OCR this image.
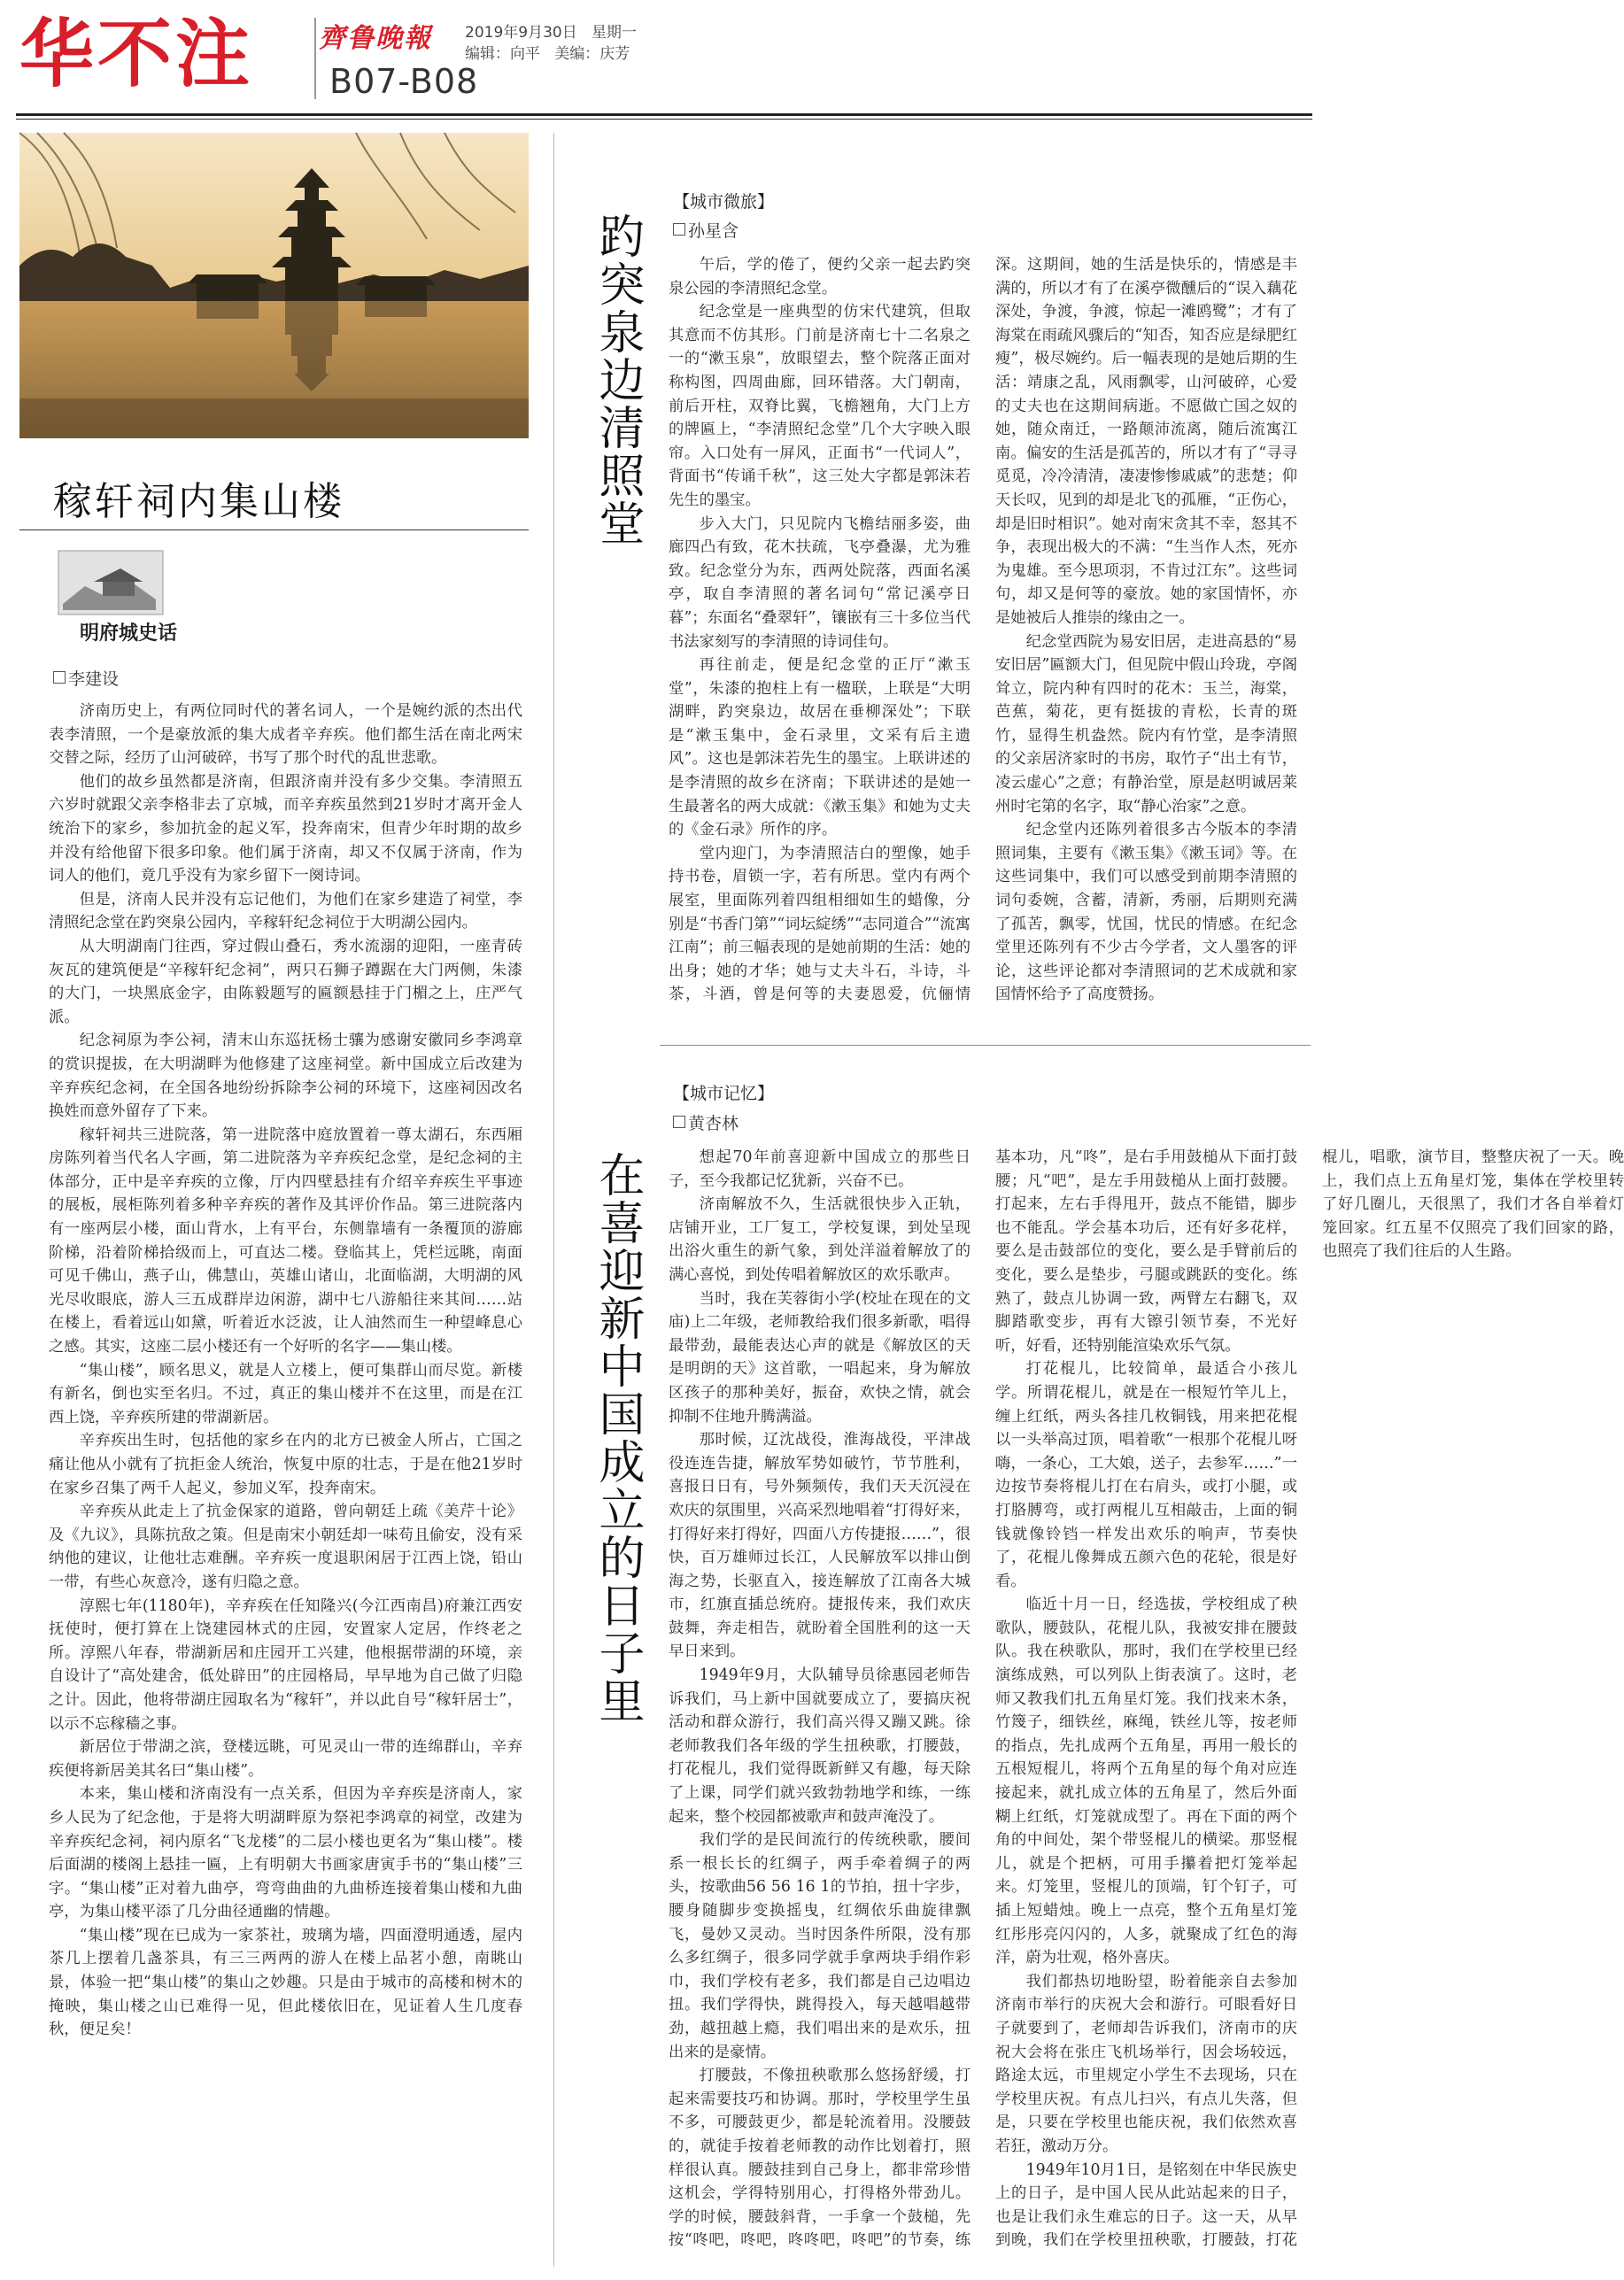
华不注 齊鲁晚報 2019年9月30日 星期一
编辑：向平 美编：庆芳
B07-B08
稼轩祠内集山楼
明府城史话
李建设

济南历史上，有两位同时代的著名词人，一个是婉约派的杰出代表李清照，一个是豪放派的集大成者辛弃疾。他们都生活在南北两宋交替之际，经历了山河破碎，书写了那个时代的乱世悲歌。

他们的故乡虽然都是济南，但跟济南并没有多少交集。李清照五六岁时就跟父亲李格非去了京城，而辛弃疾虽然到21岁时才离开金人统治下的家乡，参加抗金的起义军，投奔南宋，但青少年时期的故乡并没有给他留下很多印象。他们属于济南，却又不仅属于济南，作为词人的他们，竟几乎没有为家乡留下一阕诗词。

但是，济南人民并没有忘记他们，为他们在家乡建造了祠堂，李清照纪念堂在趵突泉公园内，辛稼轩纪念祠位于大明湖公园内。

从大明湖南门往西，穿过假山叠石，秀水流溺的迎阳，一座青砖灰瓦的建筑便是“辛稼轩纪念祠”，两只石狮子蹲踞在大门两侧，朱漆的大门，一块黑底金字，由陈毅题写的匾额悬挂于门楣之上，庄严气派。

纪念祠原为李公祠，清末山东巡抚杨士骧为感谢安徽同乡李鸿章的赏识提拔，在大明湖畔为他修建了这座祠堂。新中国成立后改建为辛弃疾纪念祠，在全国各地纷纷拆除李公祠的环境下，这座祠因改名换姓而意外留存了下来。

稼轩祠共三进院落，第一进院落中庭放置着一尊太湖石，东西厢房陈列着当代名人字画，第二进院落为辛弃疾纪念堂，是纪念祠的主体部分，正中是辛弃疾的立像，厅内四壁悬挂有介绍辛弃疾生平事迹的展板，展柜陈列着多种辛弃疾的著作及其评价作品。第三进院落内有一座两层小楼，面山背水，上有平台，东侧靠墙有一条覆顶的游廊阶梯，沿着阶梯拾级而上，可直达二楼。登临其上，凭栏远眺，南面可见千佛山，燕子山，佛慧山，英雄山诸山，北面临湖，大明湖的风光尽收眼底，游人三五成群岸边闲游，湖中七八游船往来其间……站在楼上，看着远山如黛，听着近水泛波，让人油然而生一种望峰息心之感。其实，这座二层小楼还有一个好听的名字——集山楼。

“集山楼”，顾名思义，就是人立楼上，便可集群山而尽览。新楼有新名，倒也实至名归。不过，真正的集山楼并不在这里，而是在江西上饶，辛弃疾所建的带湖新居。

辛弃疾出生时，包括他的家乡在内的北方已被金人所占，亡国之痛让他从小就有了抗拒金人统治，恢复中原的壮志，于是在他21岁时在家乡召集了两千人起义，参加义军，投奔南宋。

辛弃疾从此走上了抗金保家的道路，曾向朝廷上疏《美芹十论》及《九议》，具陈抗敌之策。但是南宋小朝廷却一味苟且偷安，没有采纳他的建议，让他壮志难酬。辛弃疾一度退职闲居于江西上饶，铅山一带，有些心灰意冷，遂有归隐之意。

淳熙七年(1180年)，辛弃疾在任知隆兴(今江西南昌)府兼江西安抚使时，便打算在上饶建园林式的庄园，安置家人定居，作终老之所。淳熙八年春，带湖新居和庄园开工兴建，他根据带湖的环境，亲自设计了“高处建舍，低处辟田”的庄园格局，早早地为自己做了归隐之计。因此，他将带湖庄园取名为“稼轩”，并以此自号“稼轩居士”，以示不忘稼穑之事。

新居位于带湖之滨，登楼远眺，可见灵山一带的连绵群山，辛弃疾便将新居美其名曰“集山楼”。

本来，集山楼和济南没有一点关系，但因为辛弃疾是济南人，家乡人民为了纪念他，于是将大明湖畔原为祭祀李鸿章的祠堂，改建为辛弃疾纪念祠，祠内原名“飞龙楼”的二层小楼也更名为“集山楼”。楼后面湖的楼阁上悬挂一匾，上有明朝大书画家唐寅手书的“集山楼”三字。“集山楼”正对着九曲亭，弯弯曲曲的九曲桥连接着集山楼和九曲亭，为集山楼平添了几分曲径通幽的情趣。

“集山楼”现在已成为一家茶社，玻璃为墙，四面澄明通透，屋内茶几上摆着几盏茶具，有三三两两的游人在楼上品茗小憩，南眺山景，体验一把“集山楼”的集山之妙趣。只是由于城市的高楼和树木的掩映，集山楼之山已难得一见，但此楼依旧在，见证着人生几度春秋，便足矣！

趵突泉边清照堂
在喜迎新中国成立的日子里
【城市微旅】
孙星含

午后，学的倦了，便约父亲一起去趵突泉公园的李清照纪念堂。

纪念堂是一座典型的仿宋代建筑，但取其意而不仿其形。门前是济南七十二名泉之一的“漱玉泉”，放眼望去，整个院落正面对称构图，四周曲廊，回环错落。大门朝南，前后开柱，双脊比翼，飞檐翘角，大门上方的牌匾上，“李清照纪念堂”几个大字映入眼帘。入口处有一屏风，正面书“一代词人”，背面书“传诵千秋”，这三处大字都是郭沫若先生的墨宝。

步入大门，只见院内飞檐结丽多姿，曲廊四凸有致，花木扶疏，飞亭叠瀑，尤为雅致。纪念堂分为东，西两处院落，西面名溪亭，取自李清照的著名词句“常记溪亭日暮”；东面名“叠翠轩”，镶嵌有三十多位当代书法家刻写的李清照的诗词佳句。

再往前走，便是纪念堂的正厅“漱玉堂”，朱漆的抱柱上有一楹联，上联是“大明湖畔，趵突泉边，故居在垂柳深处”；下联是“漱玉集中，金石录里，文采有后主遗风”。这也是郭沫若先生的墨宝。上联讲述的是李清照的故乡在济南；下联讲述的是她一生最著名的两大成就：《漱玉集》和她为丈夫的《金石录》所作的序。

堂内迎门，为李清照洁白的塑像，她手持书卷，眉锁一字，若有所思。堂内有两个展室，里面陈列着四组相细如生的蜡像，分别是“书香门第”“词坛綻绣”“志同道合”“流寓江南”；前三幅表现的是她前期的生活：她的出身；她的才华；她与丈夫斗石，斗诗，斗茶，斗酒，曾是何等的夫妻恩爱，伉俪情深。这期间，她的生活是快乐的，情感是丰满的，所以才有了在溪亭微醺后的“误入藕花深处，争渡，争渡，惊起一滩鸥鹭”；才有了海棠在雨疏风骤后的“知否，知否应是绿肥红瘦”，极尽婉约。后一幅表现的是她后期的生活：靖康之乱，风雨飘零，山河破碎，心爱的丈夫也在这期间病逝。不愿做亡国之奴的她，随众南迁，一路颠沛流离，随后流寓江南。偏安的生活是孤苦的，所以才有了“寻寻觅觅，冷冷清清，凄凄惨惨戚戚”的悲楚；仰天长叹，见到的却是北飞的孤雁，“正伤心，却是旧时相识”。她对南宋贪其不幸，怒其不争，表现出极大的不满：“生当作人杰，死亦为鬼雄。至今思项羽，不肯过江东”。这些词句，却又是何等的豪放。她的家国情怀，亦是她被后人推崇的缘由之一。

纪念堂西院为易安旧居，走进高悬的“易安旧居”匾额大门，但见院中假山玲珑，亭阁耸立，院内种有四时的花木：玉兰，海棠，芭蕉，菊花，更有挺拔的青松，长青的斑竹，显得生机盎然。院内有竹堂，是李清照的父亲居济家时的书房，取竹子“出土有节，凌云虚心”之意；有静治堂，原是赵明诚居莱州时宅第的名字，取“静心治家”之意。

纪念堂内还陈列着很多古今版本的李清照词集，主要有《漱玉集》《漱玉词》等。在这些词集中，我们可以感受到前期李清照的词句委婉，含蓄，清新，秀丽，后期则充满了孤苦，飘零，忧国，忧民的情感。在纪念堂里还陈列有不少古今学者，文人墨客的评论，这些评论都对李清照词的艺术成就和家国情怀给予了高度赞扬。

【城市记忆】
黄杏林

想起70年前喜迎新中国成立的那些日子，至今我都记忆犹新，兴奋不已。

济南解放不久，生活就很快步入正轨，店铺开业，工厂复工，学校复课，到处呈现出浴火重生的新气象，到处洋溢着解放了的满心喜悦，到处传唱着解放区的欢乐歌声。

当时，我在芙蓉街小学(校址在现在的文庙)上二年级，老师教给我们很多新歌，唱得最带劲，最能表达心声的就是《解放区的天是明朗的天》这首歌，一唱起来，身为解放区孩子的那种美好，振奋，欢快之情，就会抑制不住地升腾满溢。

那时候，辽沈战役，淮海战役，平津战役连连告捷，解放军势如破竹，节节胜利，喜报日日有，号外频频传，我们天天沉浸在欢庆的氛围里，兴高采烈地唱着“打得好来，打得好来打得好，四面八方传捷报……”，很快，百万雄师过长江，人民解放军以排山倒海之势，长驱直入，接连解放了江南各大城市，红旗直插总统府。捷报传来，我们欢庆鼓舞，奔走相告，就盼着全国胜利的这一天早日来到。

1949年9月，大队辅导员徐惠园老师告诉我们，马上新中国就要成立了，要搞庆祝活动和群众游行，我们高兴得又蹦又跳。徐老师教我们各年级的学生扭秧歌，打腰鼓，打花棍儿，我们觉得既新鲜又有趣，每天除了上课，同学们就兴致勃勃地学和练，一练起来，整个校园都被歌声和鼓声淹没了。

我们学的是民间流行的传统秧歌，腰间系一根长长的红绸子，两手牵着绸子的两头，按歌曲56 56 16 1的节拍，扭十字步，腰身随脚步变换摇曳，红绸依乐曲旋律飘飞，曼妙又灵动。当时因条件所限，没有那么多红绸子，很多同学就手拿两块手绢作彩巾，我们学校有老多，我们都是自己边唱边扭。我们学得快，跳得投入，每天越唱越带劲，越扭越上瘾，我们唱出来的是欢乐，扭出来的是豪情。

打腰鼓，不像扭秧歌那么悠扬舒缓，打起来需要技巧和协调。那时，学校里学生虽不多，可腰鼓更少，都是轮流着用。没腰鼓的，就徒手按着老师教的动作比划着打，照样很认真。腰鼓挂到自己身上，都非常珍惜这机会，学得特别用心，打得格外带劲儿。学的时候，腰鼓斜背，一手拿一个鼓槌，先按“咚吧，咚吧，咚咚吧，咚吧”的节奏，练基本功，凡“咚”，是右手用鼓槌从下面打鼓腰；凡“吧”，是左手用鼓槌从上面打鼓腰。打起来，左右手得甩开，鼓点不能错，脚步也不能乱。学会基本功后，还有好多花样，要么是击鼓部位的变化，要么是手臂前后的变化，要么是垫步，弓腿或跳跃的变化。练熟了，鼓点儿协调一致，两臂左右翻飞，双脚踏歌变步，再有大镲引领节奏，不光好听，好看，还特别能渲染欢乐气氛。

打花棍儿，比较简单，最适合小孩儿学。所谓花棍儿，就是在一根短竹竿儿上，缠上红纸，两头各挂几枚铜钱，用来把花棍以一头举高过顶，唱着歌“一根那个花棍儿呀嗨，一条心，工大娘，送子，去参军……”一边按节奏将棍儿打在右肩头，或打小腿，或打胳膊弯，或打两棍儿互相敲击，上面的铜钱就像铃铛一样发出欢乐的响声，节奏快了，花棍儿像舞成五颜六色的花轮，很是好看。

临近十月一日，经选拔，学校组成了秧歌队，腰鼓队，花棍儿队，我被安排在腰鼓队。我在秧歌队，那时，我们在学校里已经演练成熟，可以列队上街表演了。这时，老师又教我们扎五角星灯笼。我们找来木条，竹篾子，细铁丝，麻绳，铁丝儿等，按老师的指点，先扎成两个五角星，再用一般长的五根短棍儿，将两个五角星的每个角对应连接起来，就扎成立体的五角星了，然后外面糊上红纸，灯笼就成型了。再在下面的两个角的中间处，架个带竖棍儿的横梁。那竖棍儿，就是个把柄，可用手攥着把灯笼举起来。灯笼里，竖棍儿的顶端，钉个钉子，可插上短蜡烛。晚上一点亮，整个五角星灯笼红彤彤亮闪闪的，人多，就聚成了红色的海洋，蔚为壮观，格外喜庆。

我们都热切地盼望，盼着能亲自去参加济南市举行的庆祝大会和游行。可眼看好日子就要到了，老师却告诉我们，济南市的庆祝大会将在张庄飞机场举行，因会场较远，路途太远，市里规定小学生不去现场，只在学校里庆祝。有点儿扫兴，有点儿失落，但是，只要在学校里也能庆祝，我们依然欢喜若狂，激动万分。

1949年10月1日，是铭刻在中华民族史上的日子，是中国人民从此站起来的日子，也是让我们永生难忘的日子。这一天，从早到晚，我们在学校里扭秧歌，打腰鼓，打花棍儿，唱歌，演节目，整整庆祝了一天。晚上，我们点上五角星灯笼，集体在学校里转了好几圈儿，天很黑了，我们才各自举着灯笼回家。红五星不仅照亮了我们回家的路，也照亮了我们往后的人生路。
